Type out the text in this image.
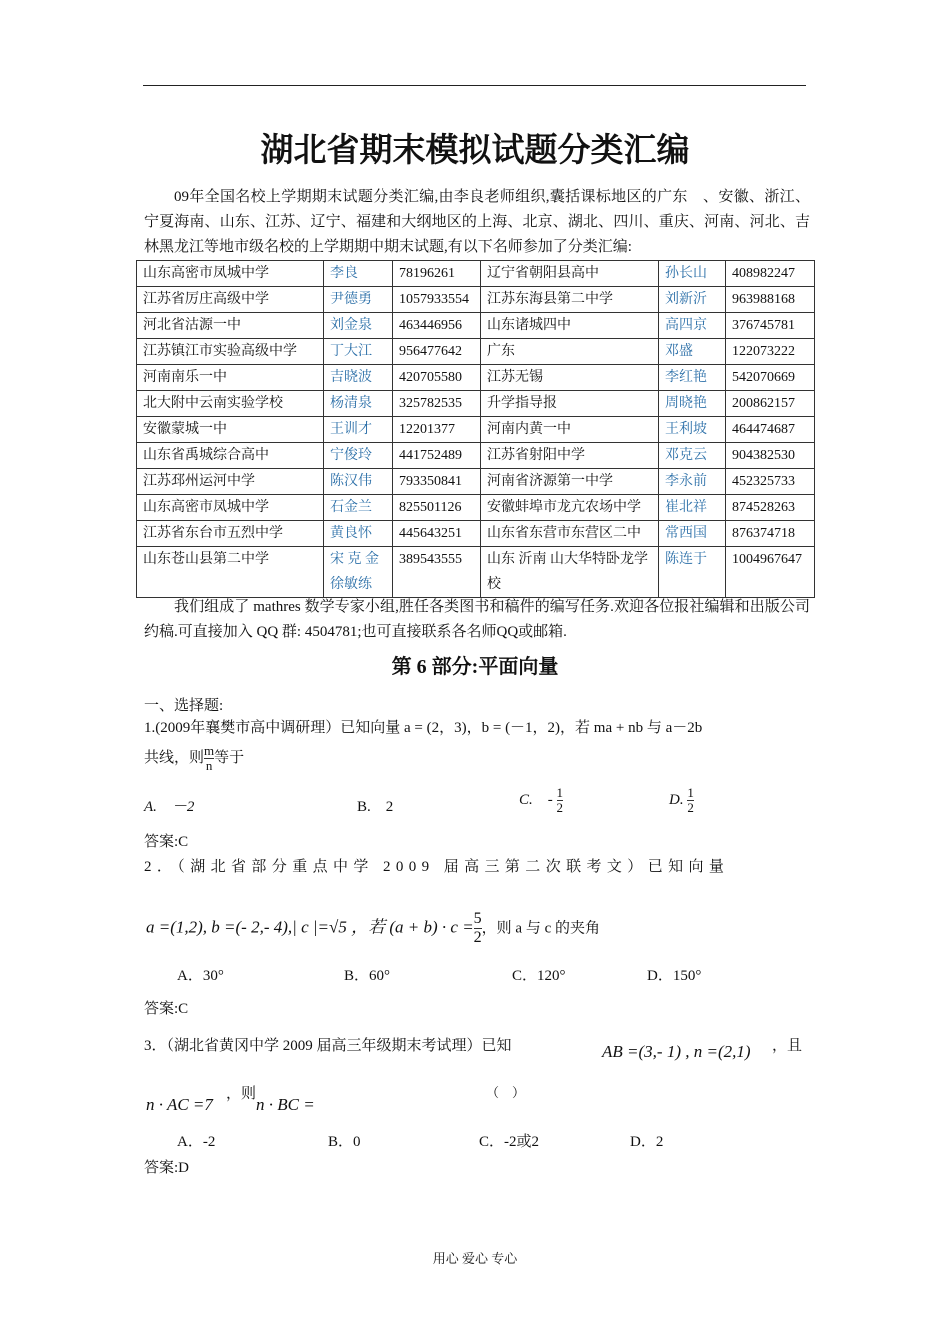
湖北省期末模拟试题分类汇编
09年全国名校上学期期末试题分类汇编,由李良老师组织,囊括课标地区的广东　、安徽、浙江、宁夏海南、山东、江苏、辽宁、福建和大纲地区的上海、北京、湖北、四川、重庆、河南、河北、吉林黑龙江等地市级名校的上学期期中期末试题,有以下名师参加了分类汇编:
山东高密市凤城中学	李良	78196261	辽宁省朝阳县高中	孙长山	408982247
江苏省厉庄高级中学	尹德勇	1057933554	江苏东海县第二中学	刘新沂	963988168
河北省沽源一中	刘金泉	463446956	山东诸城四中	高四京	376745781
江苏镇江市实验高级中学	丁大江	956477642	广东	邓盛	122073222
河南南乐一中	吉晓波	420705580	江苏无锡	李红艳	542070669
北大附中云南实验学校	杨清泉	325782535	升学指导报	周晓艳	200862157
安徽蒙城一中	王训才	12201377	河南内黄一中	王利坡	464474687
山东省禹城综合高中	宁俊玲	441752489	江苏省射阳中学	邓克云	904382530
江苏邳州运河中学	陈汉伟	793350841	河南省济源第一中学	李永前	452325733
山东高密市凤城中学	石金兰	825501126	安徽蚌埠市龙亢农场中学	崔北祥	874528263
江苏省东台市五烈中学	黄良怀	445643251	山东省东营市东营区二中	常西国	876374718
山东苍山县第二中学	宋 克 金 徐敏练	389543555	山东 沂南 山大华特卧龙学校	陈连于	1004967647
我们组成了 mathres 数学专家小组,胜任各类图书和稿件的编写任务.欢迎各位报社编辑和出版公司约稿.可直接加入 QQ 群: 4504781;也可直接联系各名师QQ或邮箱.
第 6 部分:平面向量
一、选择题:
1.(2009年襄樊市高中调研理）已知向量 a = (2，3)，b = (－1，2)，若 ma + nb 与 a－2b
共线，则 $\frac{m}{n}$ 等于
A.　－2	B.　2	C.　- $\frac{1}{2}$	D. $\frac{1}{2}$
答案:C
2．（湖北省部分重点中学 2009 届高三第二次联考文）已知向量
a =(1,2), b =(- 2,- 4),| c |=√5 ，若 $(a + b) \cdot c = \frac{5}{2}$ ，则 a 与 c 的夹角
A．30°	B．60°	C．120°	D．150°
答案:C
3．（湖北省黄冈中学 2009 届高三年级期末考试理）已知	AB =(3,- 1) , n =(2,1) ，且
n · AC =7
，则
n · BC =
（　）
A．-2	B．0	C．-2或2	D．2
答案:D
用心 爱心 专心
